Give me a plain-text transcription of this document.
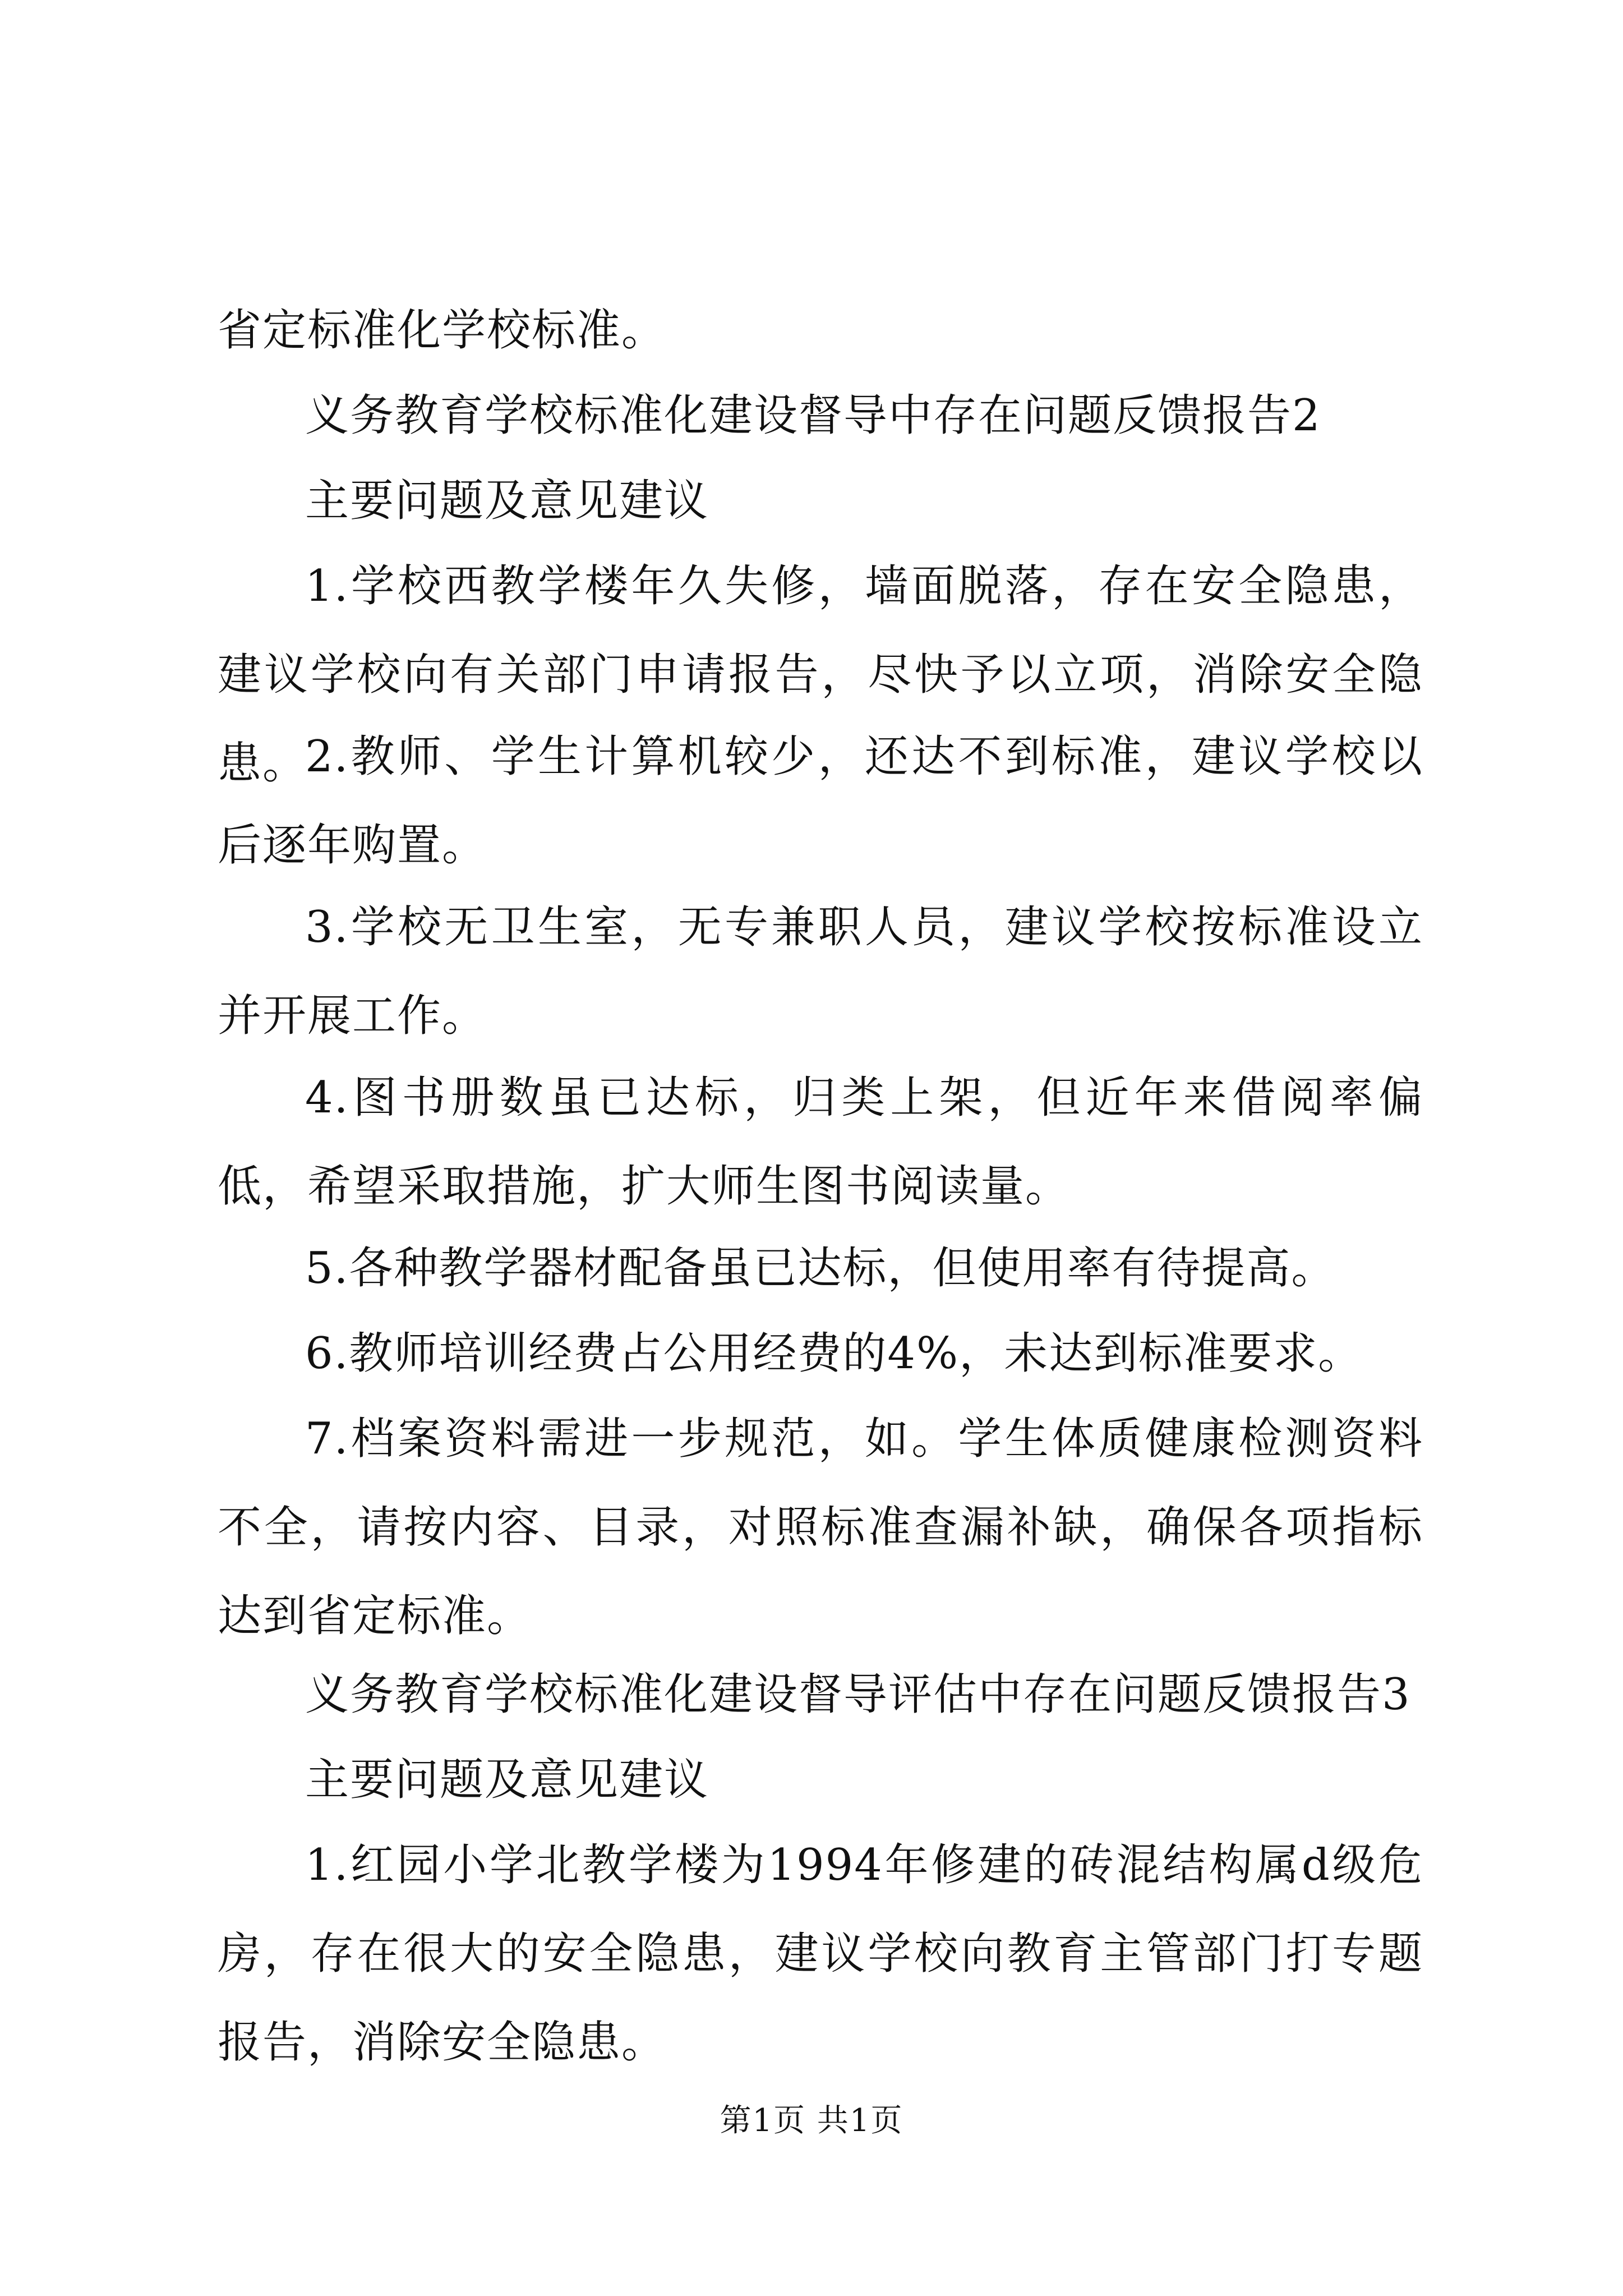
省定标准化学校标准。

义务教育学校标准化建设督导中存在问题反馈报告2

主要问题及意见建议

1.学校西教学楼年久失修，墙面脱落，存在安全隐患，建议学校向有关部门申请报告，尽快予以立项，消除安全隐患。

2.教师、学生计算机较少，还达不到标准，建议学校以后逐年购置。

3.学校无卫生室，无专兼职人员，建议学校按标准设立并开展工作。

4.图书册数虽已达标，归类上架，但近年来借阅率偏低，希望采取措施，扩大师生图书阅读量。

5.各种教学器材配备虽已达标，但使用率有待提高。

6.教师培训经费占公用经费的4%，未达到标准要求。

7.档案资料需进一步规范，如。学生体质健康检测资料不全，请按内容、目录，对照标准查漏补缺，确保各项指标达到省定标准。

义务教育学校标准化建设督导评估中存在问题反馈报告3

主要问题及意见建议

1.红园小学北教学楼为1994年修建的砖混结构属d级危房，存在很大的安全隐患，建议学校向教育主管部门打专题报告，消除安全隐患。

第1页 共1页
